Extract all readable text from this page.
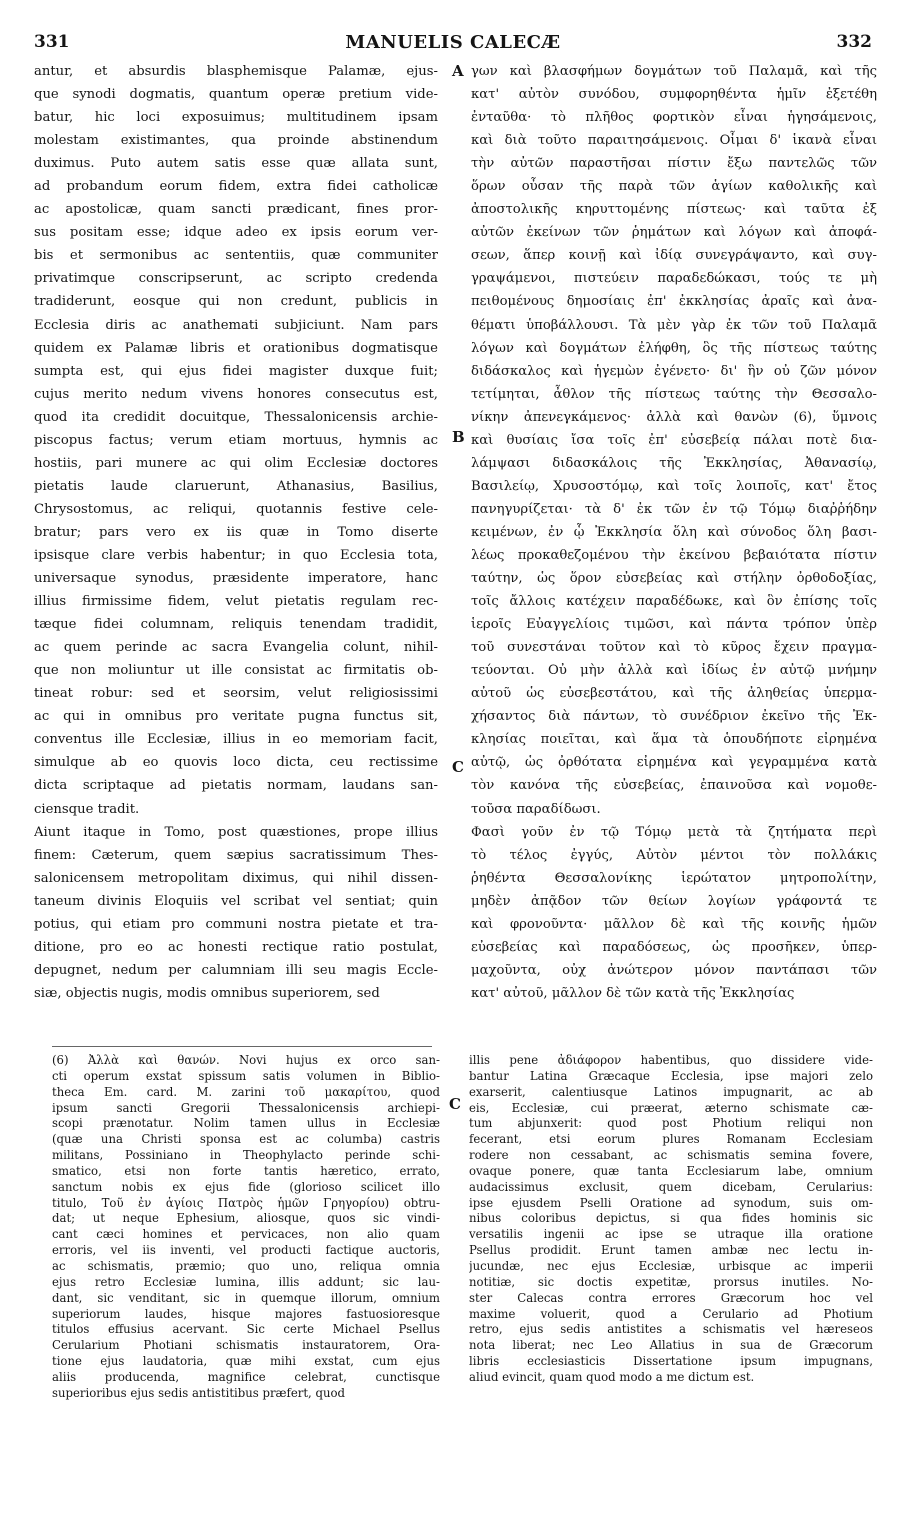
331	MANUELIS CALECÆ	332

antur, et absurdis blasphemisque Palamæ, ejus-

que synodi dogmatis, quantum operæ pretium vide-

batur, hic loci exposuimus; multitudinem ipsam

molestam existimantes, qua proinde abstinendum

duximus. Puto autem satis esse quæ allata sunt,

ad probandum eorum fidem, extra fidei catholicæ

ac apostolicæ, quam sancti prædicant, fines pror-

sus positam esse; idque adeo ex ipsis eorum ver-

bis et sermonibus ac sententiis, quæ communiter

privatimque conscripserunt, ac scripto credenda

tradiderunt, eosque qui non credunt, publicis in

Ecclesia diris ac anathemati subjiciunt. Nam pars

quidem ex Palamæ libris et orationibus dogmatisque

sumpta est, qui ejus fidei magister duxque fuit;

cujus merito nedum vivens honores consecutus est,

quod ita credidit docuitque, Thessalonicensis archie-

piscopus factus; verum etiam mortuus, hymnis ac

hostiis, pari munere ac qui olim Ecclesiæ doctores

pietatis laude claruerunt, Athanasius, Basilius,

Chrysostomus, ac reliqui, quotannis festive cele-

bratur; pars vero ex iis quæ in Tomo diserte

ipsisque clare verbis habentur; in quo Ecclesia tota,

universaque synodus, præsidente imperatore, hanc

illius firmissime fidem, velut pietatis regulam rec-

tæque fidei columnam, reliquis tenendam tradidit,

ac quem perinde ac sacra Evangelia colunt, nihil-

que non moliuntur ut ille consistat ac firmitatis ob-

tineat robur: sed et seorsim, velut religiosissimi

ac qui in omnibus pro veritate pugna functus sit,

conventus ille Ecclesiæ, illius in eo memoriam facit,

simulque ab eo quovis loco dicta, ceu rectissime

dicta scriptaque ad pietatis normam, laudans san-

ciensque tradit.

Aiunt itaque in Tomo, post quæstiones, prope illius

finem: Cæterum, quem sæpius sacratissimum Thes-

salonicensem metropolitam diximus, qui nihil dissen-

taneum divinis Eloquiis vel scribat vel sentiat; quin

potius, qui etiam pro communi nostra pietate et tra-

ditione, pro eo ac honesti rectique ratio postulat,

depugnet, nedum per calumniam illi seu magis Eccle-

siæ, objectis nugis, modis omnibus superiorem, sed

γων καὶ βλασφήμων δογμάτων τοῦ Παλαμᾶ, καὶ τῆς

κατ' αὐτὸν συνόδου, συμφορηθέντα ἡμῖν ἐξετέθη

ἐνταῦθα· τὸ πλῆθος φορτικὸν εἶναι ἡγησάμενοις,

καὶ διὰ τοῦτο παραιτησάμενοις. Οἶμαι δ' ἱκανὰ εἶναι

τὴν αὐτῶν παραστῆσαι πίστιν ἔξω παντελῶς τῶν

ὅρων οὖσαν τῆς παρὰ τῶν ἁγίων καθολικῆς καὶ

ἀποστολικῆς κηρυττομένης πίστεως· καὶ ταῦτα ἐξ

αὐτῶν ἐκείνων τῶν ῥημάτων καὶ λόγων καὶ ἀποφά-

σεων, ἅπερ κοινῇ καὶ ἰδίᾳ συνεγράψαντο, καὶ συγ-

γραψάμενοι, πιστεύειν παραδεδώκασι, τούς τε μὴ

πειθομένους δημοσίαις ἐπ' ἐκκλησίας ἀραῖς καὶ ἀνα-

θέματι ὑποβάλλουσι. Τὰ μὲν γὰρ ἐκ τῶν τοῦ Παλαμᾶ

λόγων καὶ δογμάτων ἐλήφθη, ὃς τῆς πίστεως ταύτης

διδάσκαλος καὶ ἡγεμὼν ἐγένετο· δι' ἣν οὐ ζῶν μόνον

τετίμηται, ἆθλον τῆς πίστεως ταύτης τὴν Θεσσαλο-

νίκην ἀπενεγκάμενος· ἀλλὰ καὶ θανὼν (6), ὕμνοις

καὶ θυσίαις ἴσα τοῖς ἐπ' εὐσεβείᾳ πάλαι ποτὲ δια-

λάμψασι διδασκάλοις τῆς Ἐκκλησίας, Ἀθανασίῳ,

Βασιλείῳ, Χρυσοστόμῳ, καὶ τοῖς λοιποῖς, κατ' ἔτος

πανηγυρίζεται· τὰ δ' ἐκ τῶν ἐν τῷ Τόμῳ διαῤῥήδην

κειμένων, ἐν ᾧ Ἐκκλησία ὅλη καὶ σύνοδος ὅλη βασι-

λέως προκαθεζομένου τὴν ἐκείνου βεβαιότατα πίστιν

ταύτην, ὡς ὅρον εὐσεβείας καὶ στήλην ὀρθοδοξίας,

τοῖς ἄλλοις κατέχειν παραδέδωκε, καὶ ὃν ἐπίσης τοῖς

ἱεροῖς Εὐαγγελίοις τιμῶσι, καὶ πάντα τρόπον ὑπὲρ

τοῦ συνεστάναι τοῦτον καὶ τὸ κῦρος ἔχειν πραγμα-

τεύονται. Οὐ μὴν ἀλλὰ καὶ ἰδίως ἐν αὐτῷ μνήμην

αὐτοῦ ὡς εὐσεβεστάτου, καὶ τῆς ἀληθείας ὑπερμα-

χήσαντος διὰ πάντων, τὸ συνέδριον ἐκεῖνο τῆς Ἐκ-

κλησίας ποιεῖται, καὶ ἅμα τὰ ὁπουδήποτε εἰρημένα

αὐτῷ, ὡς ὀρθότατα εἰρημένα καὶ γεγραμμένα κατὰ

τὸν κανόνα τῆς εὐσεβείας, ἐπαινοῦσα καὶ νομοθε-

τοῦσα παραδίδωσι.

Φασὶ γοῦν ἐν τῷ Τόμῳ μετὰ τὰ ζητήματα περὶ

τὸ τέλος ἐγγύς, Αὐτὸν μέντοι τὸν πολλάκις

ῥηθέντα Θεσσαλονίκης ἱερώτατον μητροπολίτην,

μηδὲν ἀπᾷδον τῶν θείων λογίων γράφοντά τε

καὶ φρονοῦντα· μᾶλλον δὲ καὶ τῆς κοινῆς ἡμῶν

εὐσεβείας καὶ παραδόσεως, ὡς προσῆκεν, ὑπερ-

μαχοῦντα, οὐχ ἀνώτερον μόνον παντάπασι τῶν

κατ' αὐτοῦ, μᾶλλον δὲ τῶν κατὰ τῆς Ἐκκλησίας

A
B
C
C

(6) Ἀλλὰ καὶ θανών. Novi hujus ex orco san-

cti operum exstat spissum satis volumen in Biblio-

theca Em. card. M. zarini τοῦ μακαρίτου, quod

ipsum sancti Gregorii Thessalonicensis archiepi-

scopi prænotatur. Nolim tamen ullus in Ecclesiæ

(quæ una Christi sponsa est ac columba) castris

militans, Possiniano in Theophylacto perinde schi-

smatico, etsi non forte tantis hæretico, errato,

sanctum nobis ex ejus fide (glorioso scilicet illo

titulo, Τοῦ ἐν ἁγίοις Πατρὸς ἡμῶν Γρηγορίου) obtru-

dat; ut neque Ephesium, aliosque, quos sic vindi-

cant cæci homines et pervicaces, non alio quam

erroris, vel iis inventi, vel producti factique auctoris,

ac schismatis, præmio; quo uno, reliqua omnia

ejus retro Ecclesiæ lumina, illis addunt; sic lau-

dant, sic venditant, sic in quemque illorum, omnium

superiorum laudes, hisque majores fastuosioresque

titulos effusius acervant. Sic certe Michael Psellus

Cerularium Photiani schismatis instauratorem, Ora-

tione ejus laudatoria, quæ mihi exstat, cum ejus

aliis producenda, magnifice celebrat, cunctisque

superioribus ejus sedis antistitibus præfert, quod

illis pene ἀδιάφορον habentibus, quo dissidere vide-

bantur Latina Græcaque Ecclesia, ipse majori zelo

exarserit, calentiusque Latinos impugnarit, ac ab

eis, Ecclesiæ, cui præerat, æterno schismate cæ-

tum abjunxerit: quod post Photium reliqui non

fecerant, etsi eorum plures Romanam Ecclesiam

rodere non cessabant, ac schismatis semina fovere,

ovaque ponere, quæ tanta Ecclesiarum labe, omnium

audacissimus exclusit, quem dicebam, Cerularius:

ipse ejusdem Pselli Oratione ad synodum, suis om-

nibus coloribus depictus, si qua fides hominis sic

versatilis ingenii ac ipse se utraque illa oratione

Psellus prodidit. Erunt tamen ambæ nec lectu in-

jucundæ, nec ejus Ecclesiæ, urbisque ac imperii

notitiæ, sic doctis expetitæ, prorsus inutiles. No-

ster Calecas contra errores Græcorum hoc vel

maxime voluerit, quod a Cerulario ad Photium

retro, ejus sedis antistites a schismatis vel hæreseos

nota liberat; nec Leo Allatius in sua de Græcorum

libris ecclesiasticis Dissertatione ipsum impugnans,

aliud evincit, quam quod modo a me dictum est.
